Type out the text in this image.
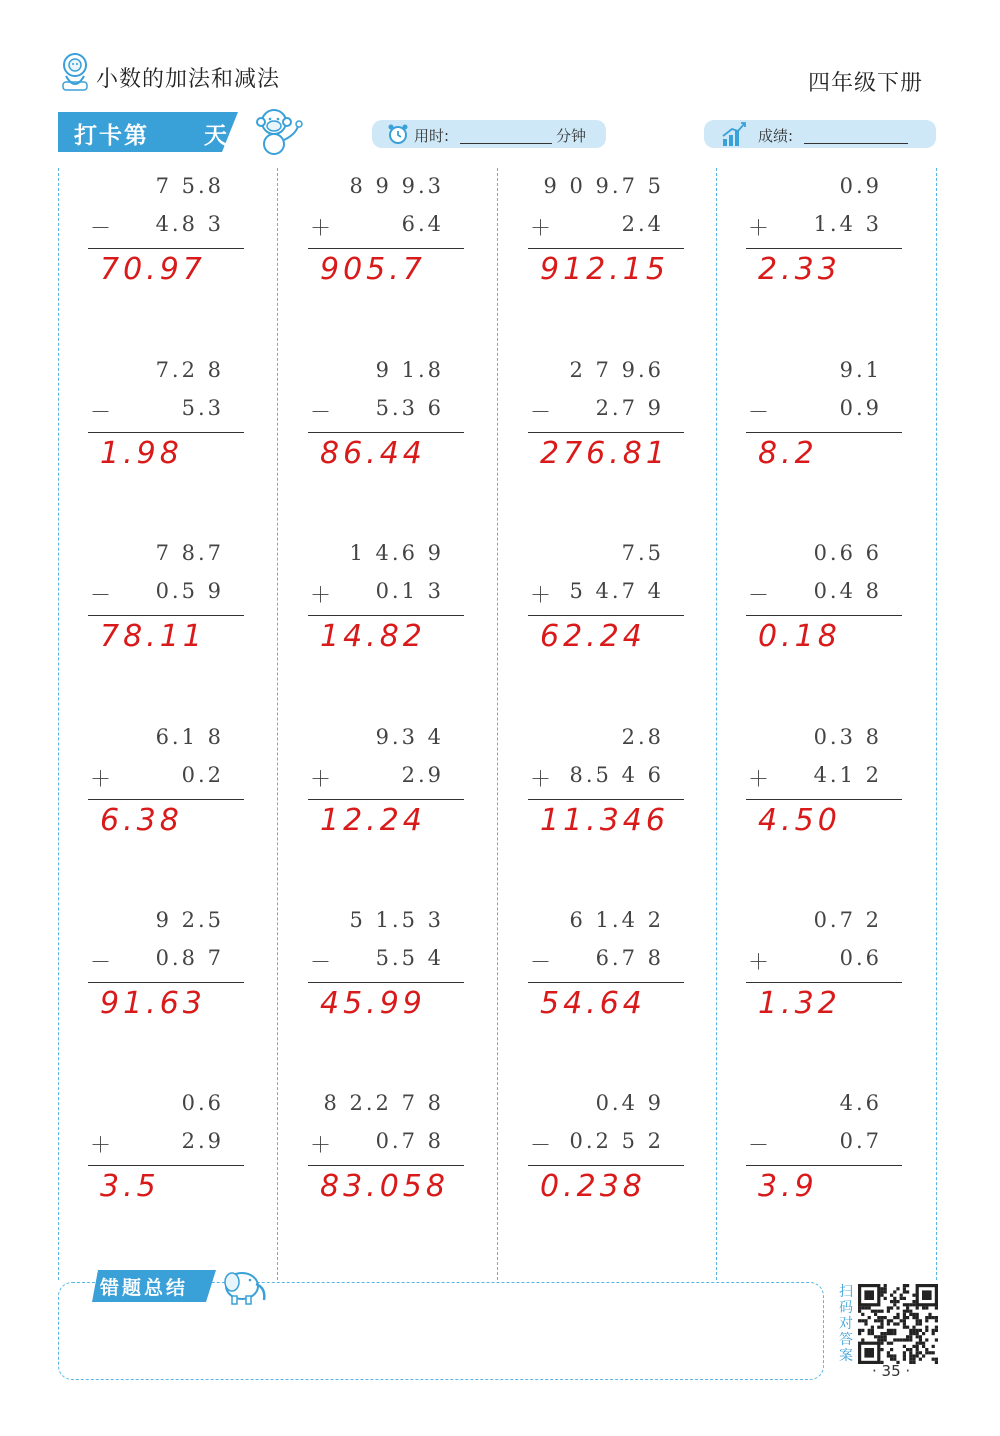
小数的加法和减法	四年级下册
打卡第 天	用时:	分钟	成绩:
7 5.8
－	4.8 3
70.97
7.2 8
－	5.3
1.98
7 8.7
－	0.5 9
78.11
6.1 8
＋	0.2
6.38
9 2.5
－	0.8 7
91.63
0.6
＋	2.9
3.5
8 9 9.3
＋	6.4
905.7
9 1.8
－	5.3 6
86.44
1 4.6 9
＋	0.1 3
14.82
9.3 4
＋	2.9
12.24
5 1.5 3
－	5.5 4
45.99
8 2.2 7 8
＋	0.7 8
83.058
9 0 9.7 5
＋	2.4
912.15
2 7 9.6
－	2.7 9
276.81
7.5
＋ 5 4.7 4
62.24
2.8
＋ 8.5 4 6
11.346
6 1.4 2
－	6.7 8
54.64
0.4 9
－ 0.2 5 2
0.238
0.9
＋	1.4 3
2.33
9.1
－	0.9
8.2
0.6 6
－	0.4 8
0.18
0.3 8
＋	4.1 2
4.50
0.7 2
＋	0.6
1.32
4.6
－	0.7
3.9
错题总结	扫码对答案
· 35 ·
